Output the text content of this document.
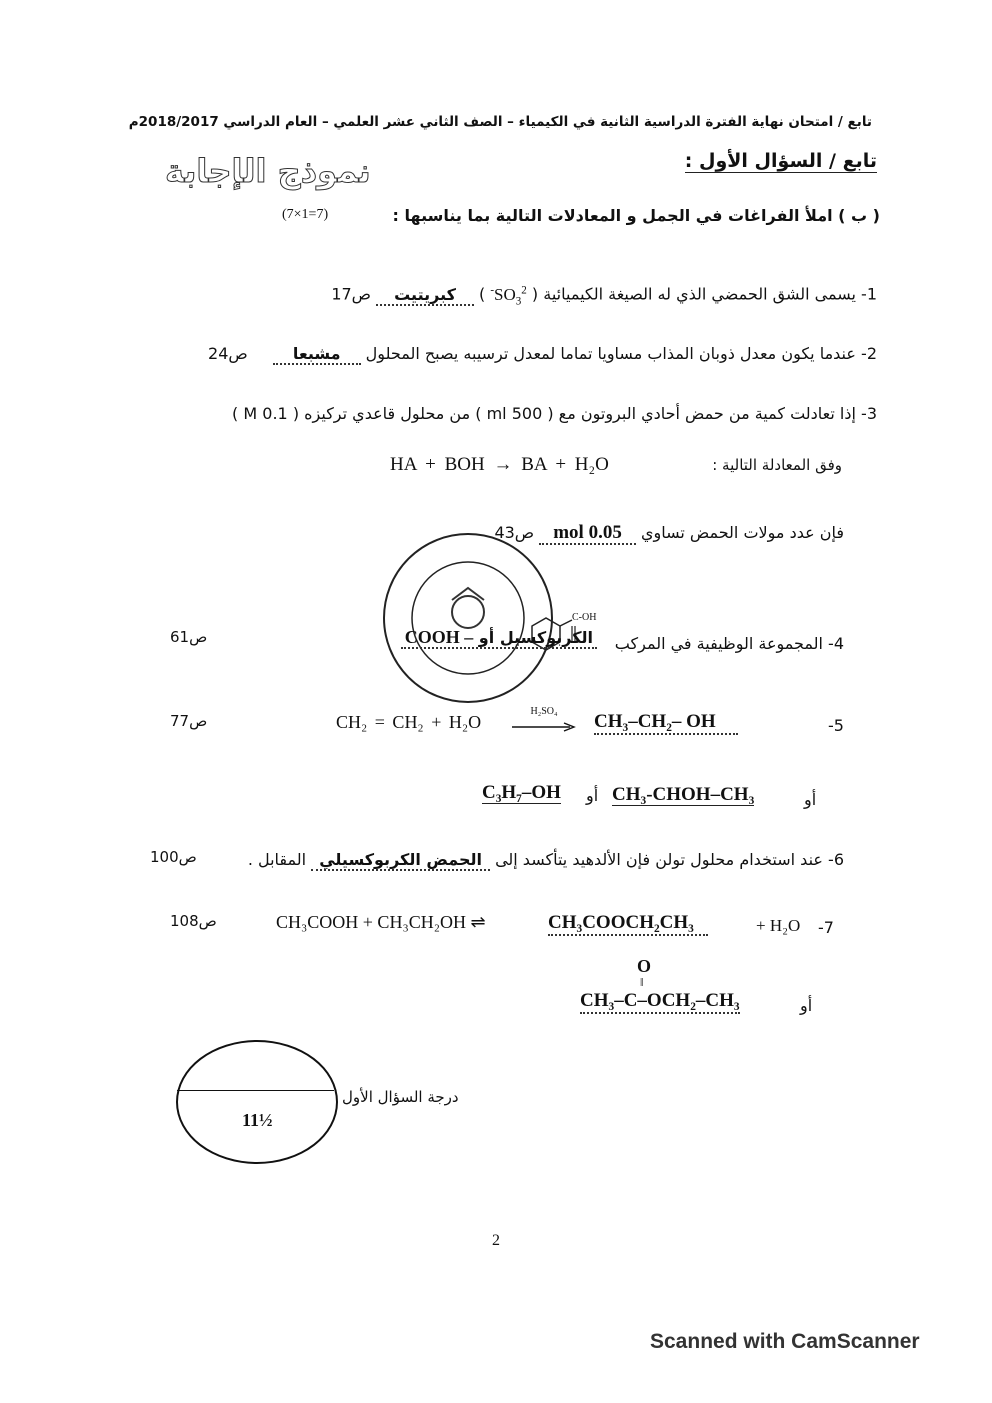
تابع / امتحان نهاية الفترة الدراسية الثانية في الكيمياء – الصف الثاني عشر العلمي – العام الدراسي 2018/2017م
تابع / السؤال الأول :
نموذج الإجابة
( ب ) املأ الفراغات في الجمل و المعادلات التالية بما يناسبها :
(7×1=7)
1- يسمى الشق الحمضي الذي له الصيغة الكيميائية ( $SO_3^{2-}$ ) كبريتيت ص17
2- عندما يكون معدل ذوبان المذاب مساويا تماما لمعدل ترسيبه يصبح المحلول مشبعا ص24
3- إذا تعادلت كمية من حمض أحادي البروتون مع ( 500 ml ) من محلول قاعدي تركيزه ( 0.1 M )
وفق المعادلة التالية :
HA + BOH → BA + H₂O
فإن عدد مولات الحمض تساوي 0.05 mol ص43
4- المجموعة الوظيفية في المركب
C-OH
الكربوكسيل أو – COOH
ص61
ص77	CH₂ = CH₂ + H₂O
H₂SO₄	CH₃–CH₂– OH	5-
C₃H₇–OH أو CH₃-CHOH–CH₃	أو
6- عند استخدام محلول تولن فإن الألدهيد يتأكسد إلى الحمض الكربوكسيلي المقابل .
ص100
ص108	CH₃COOH + CH₃CH₂OH ⇌	CH₃COOCH₂CH₃	+ H₂O 7-
O
‖
CH₃–C–OCH₂–CH₃	أو
11½
درجة السؤال الأول
2
Scanned with CamScanner
